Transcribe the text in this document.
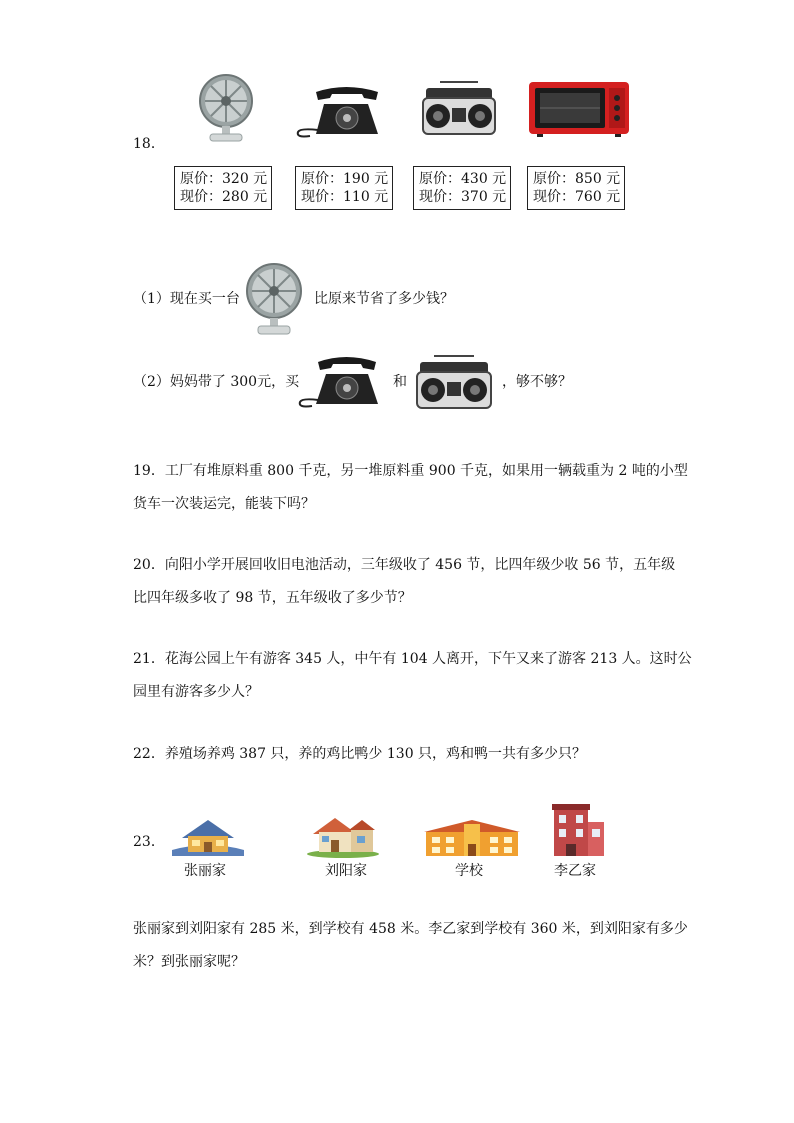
18．
原价：320 元
现价：280 元
原价：190 元
现价：110 元
原价：430 元
现价：370 元
原价：850 元
现价：760 元
（1）现在买一台	比原来节省了多少钱？
（2）妈妈带了 300元，买	和	，够不够？
19．工厂有堆原料重 800 千克，另一堆原料重 900 千克，如果用一辆载重为 2 吨的小型
货车一次装运完，能装下吗？
20．向阳小学开展回收旧电池活动，三年级收了 456 节，比四年级少收 56 节，五年级
比四年级多收了 98 节，五年级收了多少节？
21．花海公园上午有游客 345 人，中午有 104 人离开，下午又来了游客 213 人。这时公
园里有游客多少人？
22．养殖场养鸡 387 只，养的鸡比鸭少 130 只，鸡和鸭一共有多少只？
23．
张丽家	刘阳家	学校	李乙家
张丽家到刘阳家有 285 米，到学校有 458 米。李乙家到学校有 360 米，到刘阳家有多少
米？到张丽家呢？
